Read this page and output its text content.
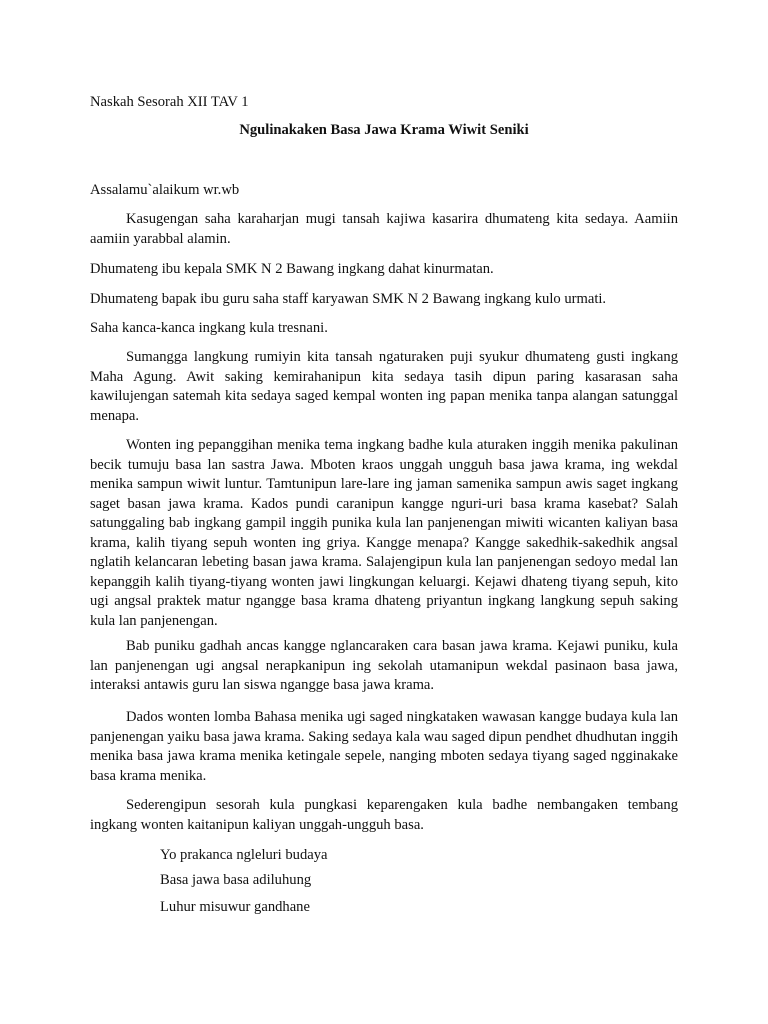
Naskah Sesorah XII TAV 1

Ngulinakaken Basa Jawa Krama Wiwit Seniki

Assalamu`alaikum wr.wb

Kasugengan saha karaharjan mugi tansah kajiwa kasarira dhumateng kita sedaya. Aamiin aamiin yarabbal alamin.

Dhumateng ibu kepala SMK N 2 Bawang ingkang dahat kinurmatan.

Dhumateng bapak ibu guru saha staff karyawan SMK N 2 Bawang ingkang kulo urmati.

Saha kanca-kanca ingkang kula tresnani.

Sumangga langkung rumiyin kita tansah ngaturaken puji syukur dhumateng gusti ingkang Maha Agung. Awit saking kemirahanipun kita sedaya tasih dipun paring kasarasan saha kawilujengan satemah kita sedaya saged kempal wonten ing papan menika tanpa alangan satunggal menapa.

Wonten ing pepanggihan menika tema ingkang badhe kula aturaken inggih menika pakulinan becik tumuju basa lan sastra Jawa. Mboten kraos unggah ungguh basa jawa krama, ing wekdal menika sampun wiwit luntur. Tamtunipun lare-lare ing jaman samenika sampun awis saget ingkang saget basan jawa krama. Kados pundi caranipun kangge nguri-uri basa krama kasebat? Salah satunggaling bab ingkang gampil inggih punika kula lan panjenengan miwiti wicanten kaliyan basa krama, kalih tiyang sepuh wonten ing griya. Kangge menapa? Kangge sakedhik-sakedhik angsal nglatih kelancaran lebeting basan jawa krama. Salajengipun kula lan panjenengan sedoyo medal lan kepanggih kalih tiyang-tiyang wonten jawi lingkungan keluargi. Kejawi dhateng tiyang sepuh, kito ugi angsal praktek matur ngangge basa krama dhateng priyantun ingkang langkung sepuh saking kula lan panjenengan.

Bab puniku gadhah ancas kangge nglancaraken cara basan jawa krama. Kejawi puniku, kula lan panjenengan ugi angsal nerapkanipun ing sekolah utamanipun wekdal pasinaon basa jawa, interaksi antawis guru lan siswa ngangge basa jawa krama.

Dados wonten lomba Bahasa menika ugi saged ningkataken wawasan kangge budaya kula lan panjenengan yaiku basa jawa krama. Saking sedaya kala wau saged dipun pendhet dhudhutan inggih menika basa jawa krama menika ketingale sepele, nanging mboten sedaya tiyang saged ngginakake basa krama menika.

Sederengipun sesorah kula pungkasi keparengaken kula badhe nembangaken tembang ingkang wonten kaitanipun kaliyan unggah-ungguh basa.

Yo prakanca ngleluri budaya

Basa jawa basa adiluhung

Luhur misuwur gandhane
